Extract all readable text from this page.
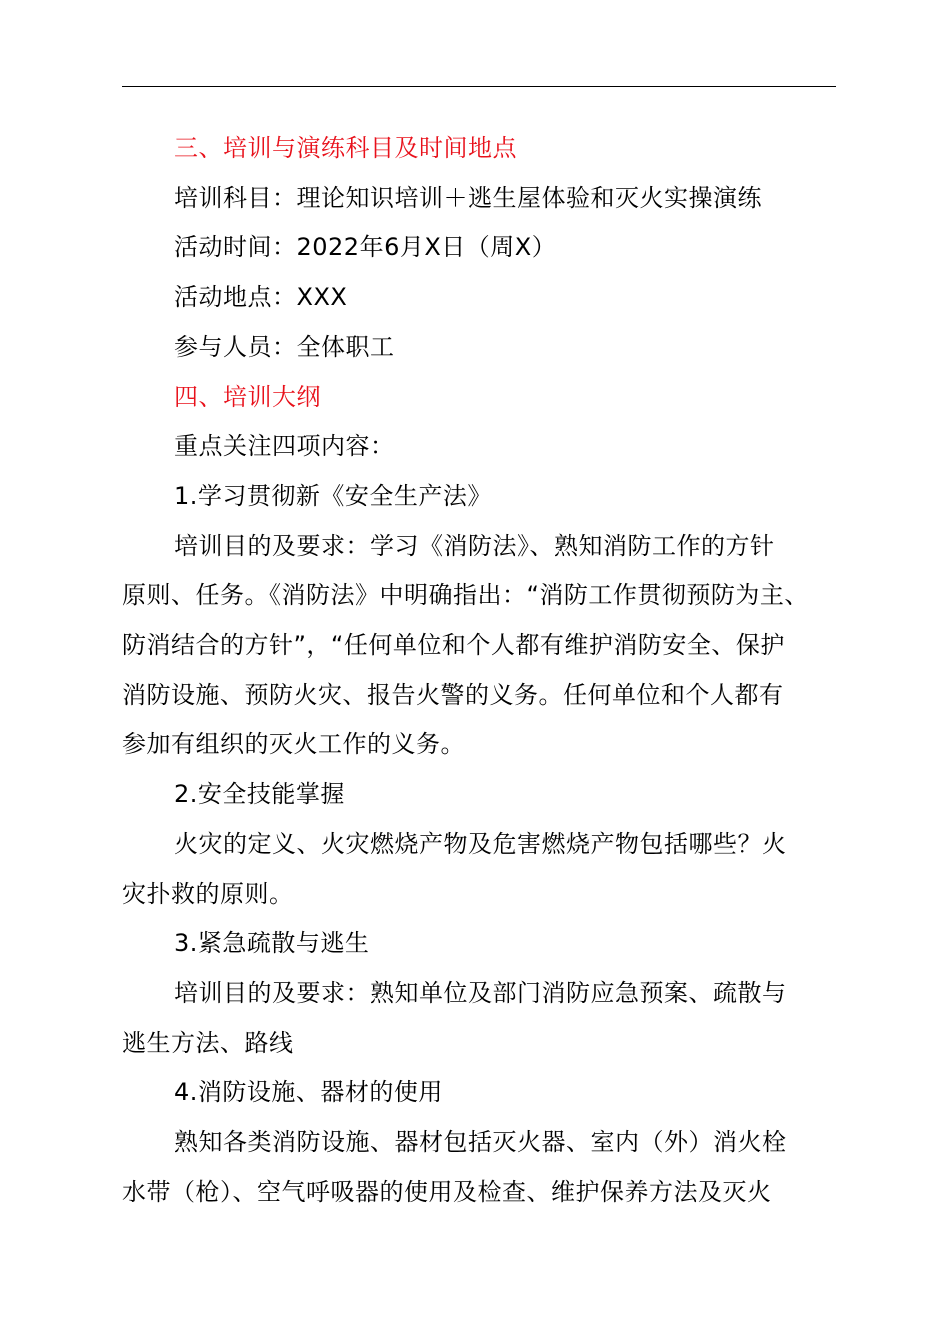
三、培训与演练科目及时间地点

培训科目：理论知识培训＋逃生屋体验和灭火实操演练

活动时间：2022年6月X日（周X）

活动地点：XXX

参与人员：全体职工

四、培训大纲

重点关注四项内容：

1.学习贯彻新《安全生产法》

培训目的及要求：学习《消防法》、熟知消防工作的方针

原则、任务。《消防法》中明确指出：“消防工作贯彻预防为主、

防消结合的方针”，“任何单位和个人都有维护消防安全、保护

消防设施、预防火灾、报告火警的义务。任何单位和个人都有

参加有组织的灭火工作的义务。

2.安全技能掌握

火灾的定义、火灾燃烧产物及危害燃烧产物包括哪些？火

灾扑救的原则。

3.紧急疏散与逃生

培训目的及要求：熟知单位及部门消防应急预案、疏散与

逃生方法、路线

4.消防设施、器材的使用

熟知各类消防设施、器材包括灭火器、室内（外）消火栓

水带（枪）、空气呼吸器的使用及检查、维护保养方法及灭火
